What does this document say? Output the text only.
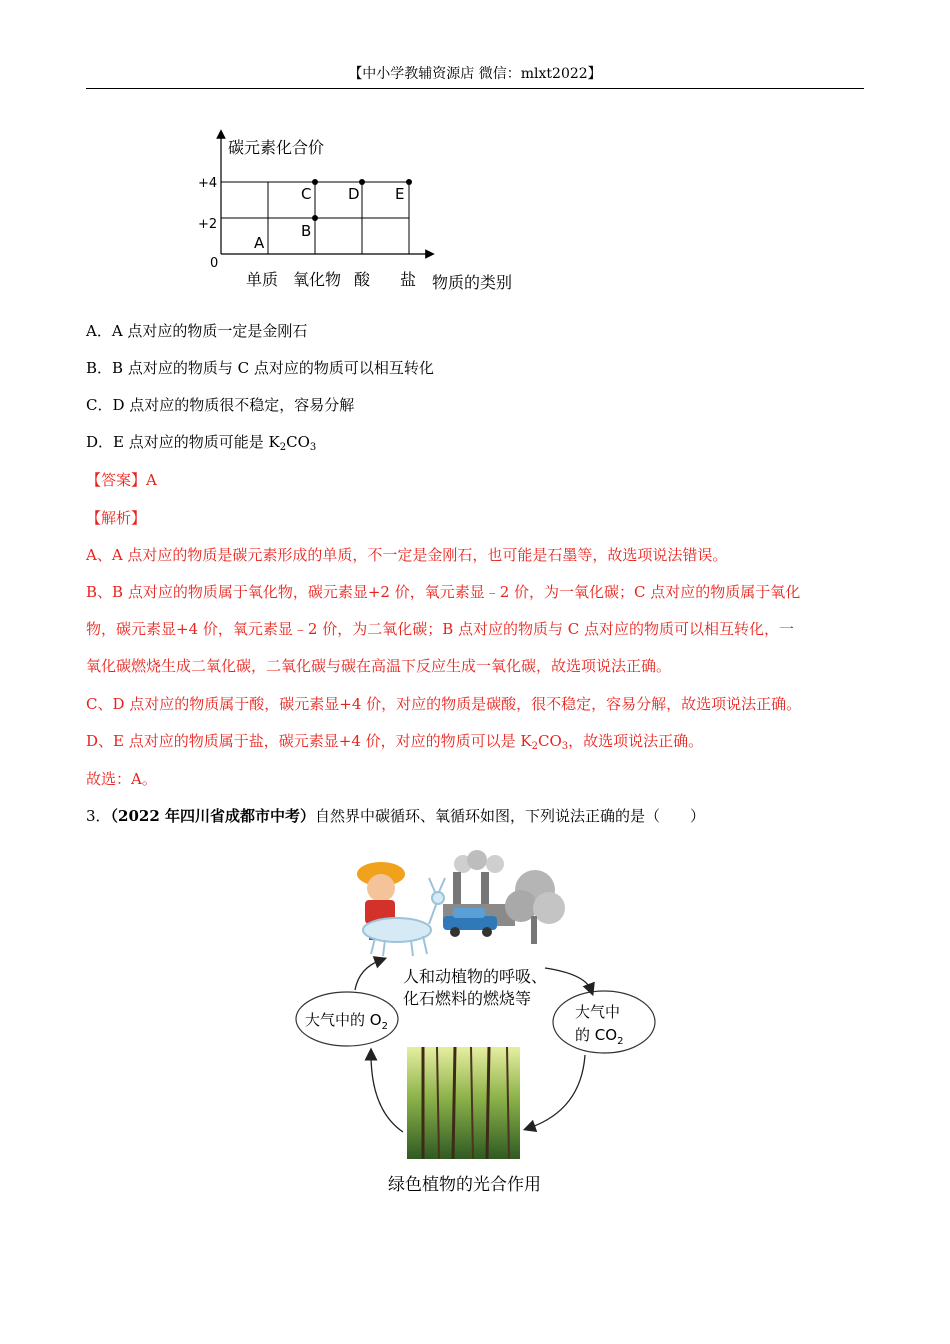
【中小学教辅资源店 微信：mlxt2022】
碳元素化合价
物质的类别
0
+2
+4
单质 氧化物 酸 盐
A
B
C D E
A．A 点对应的物质一定是金刚石
B．B 点对应的物质与 C 点对应的物质可以相互转化
C．D 点对应的物质很不稳定，容易分解
D．E 点对应的物质可能是 $K_2CO_3$
【答案】A
【解析】
A、A 点对应的物质是碳元素形成的单质，不一定是金刚石，也可能是石墨等，故选项说法错误。
B、B 点对应的物质属于氧化物，碳元素显+2 价，氧元素显﹣2 价，为一氧化碳；C 点对应的物质属于氧化
物，碳元素显+4 价，氧元素显﹣2 价，为二氧化碳；B 点对应的物质与 C 点对应的物质可以相互转化，一
氧化碳燃烧生成二氧化碳，二氧化碳与碳在高温下反应生成一氧化碳，故选项说法正确。
C、D 点对应的物质属于酸，碳元素显+4 价，对应的物质是碳酸，很不稳定，容易分解，故选项说法正确。
D、E 点对应的物质属于盐，碳元素显+4 价，对应的物质可以是 $K_2CO_3$，故选项说法正确。
故选：A。
3．（2022 年四川省成都市中考）自然界中碳循环、氧循环如图，下列说法正确的是（　　）
人和动植物的呼吸、
化石燃料的燃烧等
大气中的 $O_2$
大气中
的 $CO_2$
绿色植物的光合作用
